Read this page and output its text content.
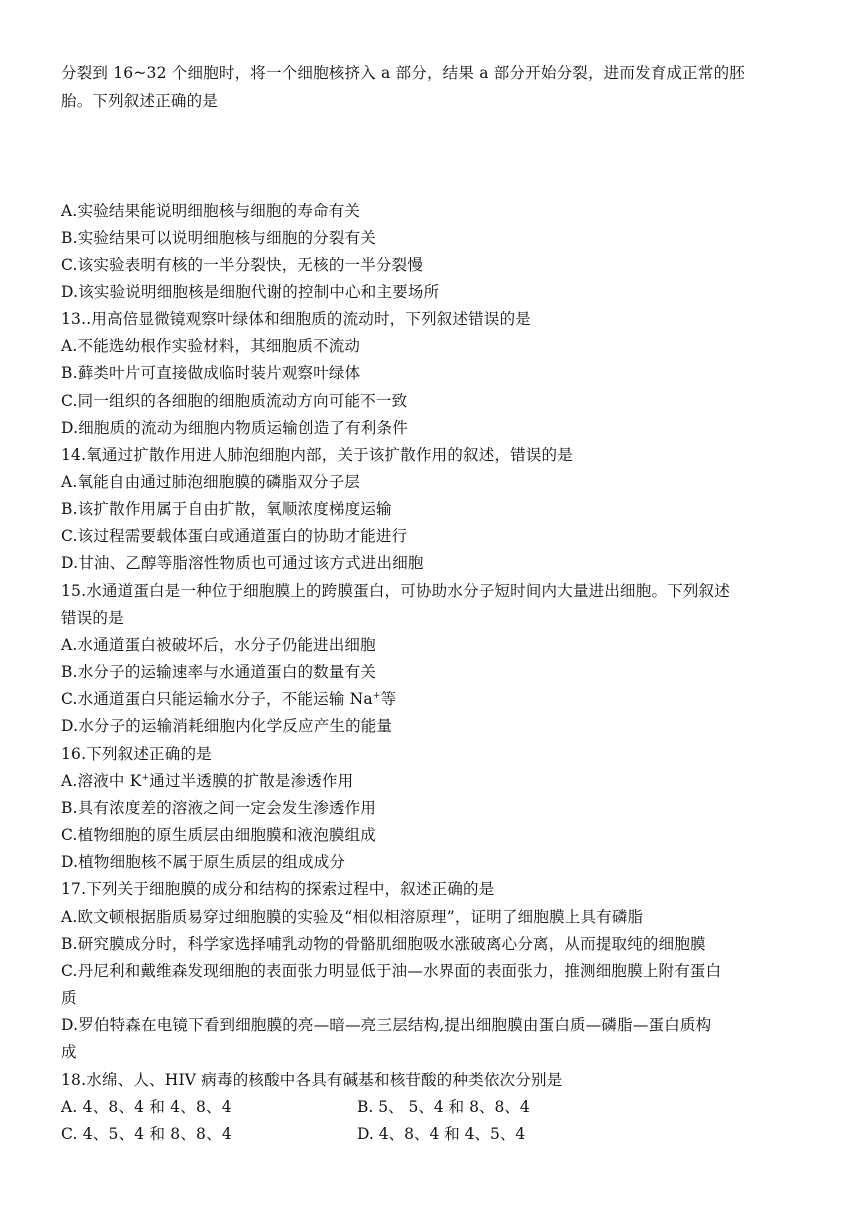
分裂到 16~32 个细胞时，将一个细胞核挤入 a 部分，结果 a 部分开始分裂，进而发育成正常的胚
胎。下列叙述正确的是
A.实验结果能说明细胞核与细胞的寿命有关
B.实验结果可以说明细胞核与细胞的分裂有关
C.该实验表明有核的一半分裂快，无核的一半分裂慢
D.该实验说明细胞核是细胞代谢的控制中心和主要场所
13..用高倍显微镜观察叶绿体和细胞质的流动时，下列叙述错误的是
A.不能选幼根作实验材料，其细胞质不流动
B.藓类叶片可直接做成临时装片观察叶绿体
C.同一组织的各细胞的细胞质流动方向可能不一致
D.细胞质的流动为细胞内物质运输创造了有利条件
14.氧通过扩散作用进人肺泡细胞内部，关于该扩散作用的叙述，错误的是
A.氧能自由通过肺泡细胞膜的磷脂双分子层
B.该扩散作用属于自由扩散，氧顺浓度梯度运输
C.该过程需要载体蛋白或通道蛋白的协助才能进行
D.甘油、乙醇等脂溶性物质也可通过该方式进出细胞
15.水通道蛋白是一种位于细胞膜上的跨膜蛋白，可协助水分子短时间内大量进出细胞。下列叙述
错误的是
A.水通道蛋白被破坏后，水分子仍能进出细胞
B.水分子的运输速率与水通道蛋白的数量有关
C.水通道蛋白只能运输水分子，不能运输 Na+等
D.水分子的运输消耗细胞内化学反应产生的能量
16.下列叙述正确的是
A.溶液中 K+通过半透膜的扩散是渗透作用
B.具有浓度差的溶液之间一定会发生渗透作用
C.植物细胞的原生质层由细胞膜和液泡膜组成
D.植物细胞核不属于原生质层的组成成分
17.下列关于细胞膜的成分和结构的探索过程中，叙述正确的是
A.欧文顿根据脂质易穿过细胞膜的实验及“相似相溶原理”，证明了细胞膜上具有磷脂
B.研究膜成分时，科学家选择哺乳动物的骨骼肌细胞吸水涨破离心分离，从而提取纯的细胞膜
C.丹尼利和戴维森发现细胞的表面张力明显低于油—水界面的表面张力，推测细胞膜上附有蛋白
质
D.罗伯特森在电镜下看到细胞膜的亮—暗—亮三层结构,提出细胞膜由蛋白质—磷脂—蛋白质构
成
18.水绵、人、HIV 病毒的核酸中各具有碱基和核苷酸的种类依次分别是
A. 4、8、4 和 4、8、4	B. 5、 5、4 和 8、8、4
C. 4、5、4 和 8、8、4	D. 4、8、4 和 4、5、4
